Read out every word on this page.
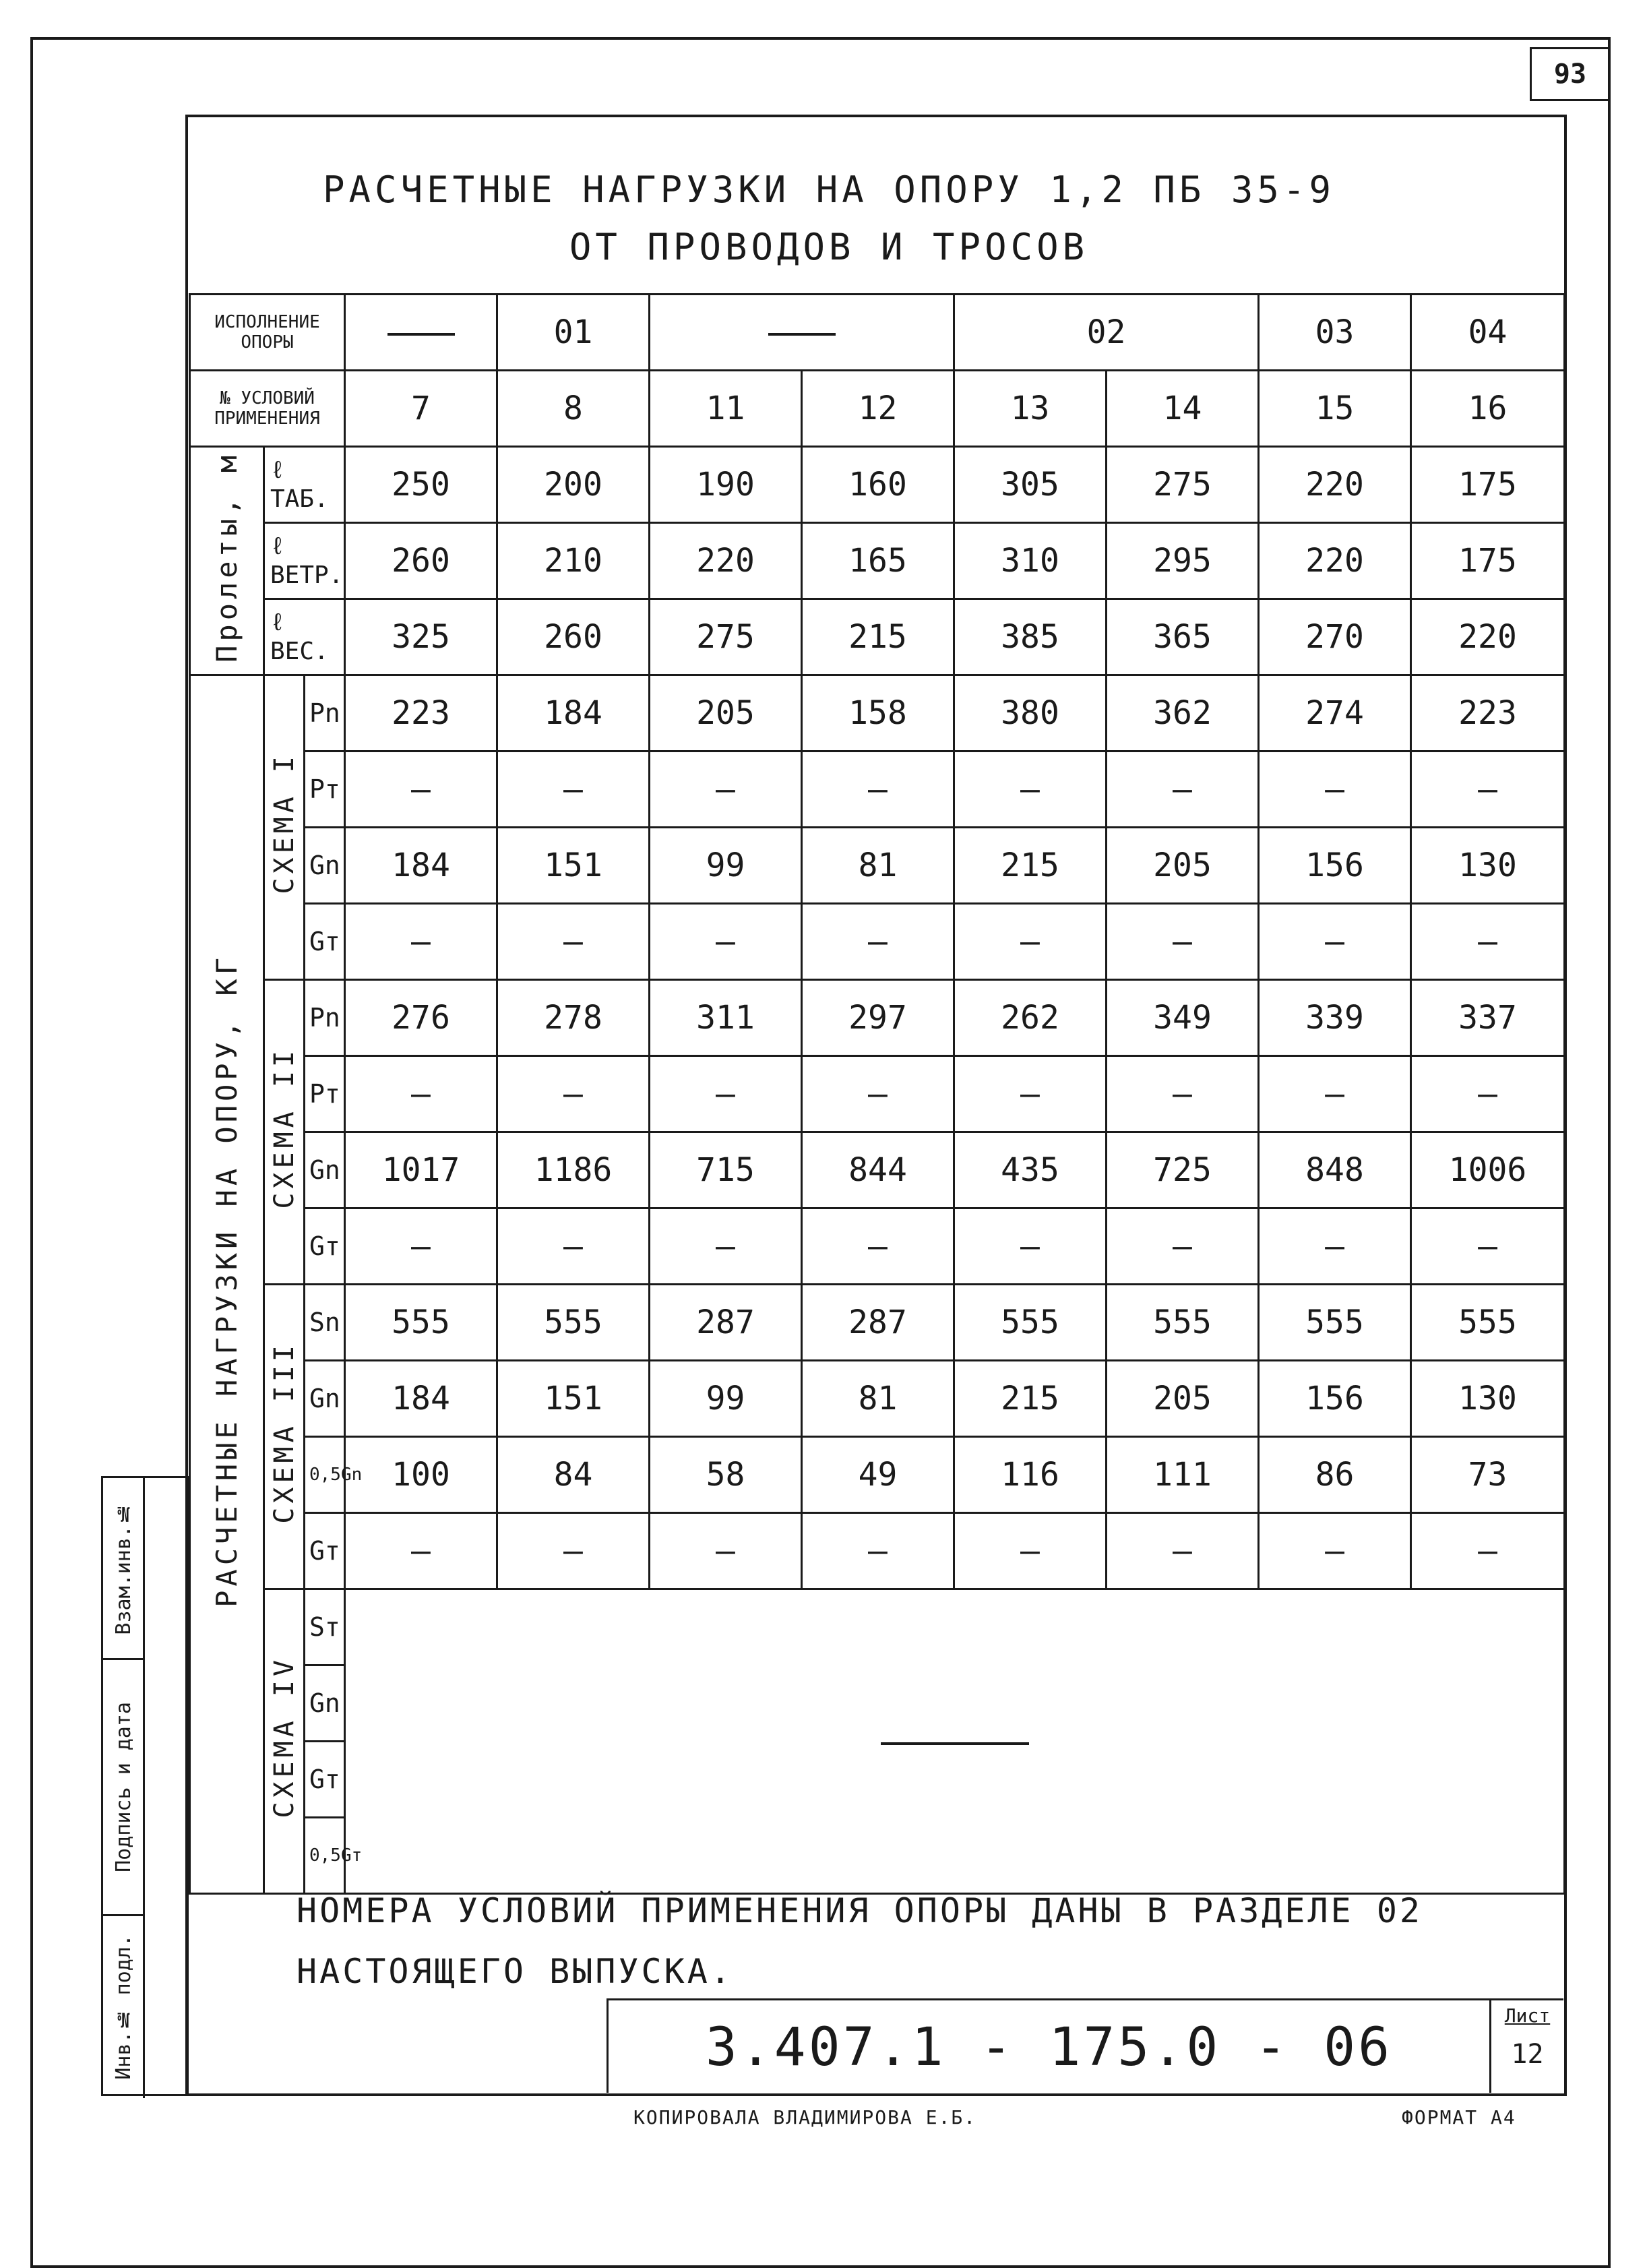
93
РАСЧЕТНЫЕ НАГРУЗКИ НА ОПОРУ 1,2 ПБ 35-9
ОТ ПРОВОДОВ И ТРОСОВ
ИСПОЛНЕНИЕ ОПОРЫ				01			02		03	04
№ УСЛОВИЙ ПРИМЕНЕНИЯ			7	8	11	12	13	14	15	16
Пролеты, м	ℓ ТАБ.		250	200	190	160	305	275	220	175
	ℓ ВЕТР.		260	210	220	165	310	295	220	175
	ℓ ВЕС.		325	260	275	215	385	365	270	220
РАСЧЕТНЫЕ НАГРУЗКИ НА ОПОРУ, КГ	СХЕМА I	Pn	223	184	205	158	380	362	274	223
		Pт	—	—	—	—	—	—	—	—
		Gn	184	151	99	81	215	205	156	130
		Gт	—	—	—	—	—	—	—	—
	СХЕМА II	Pn	276	278	311	297	262	349	339	337
		Pт	—	—	—	—	—	—	—	—
		Gn	1017	1186	715	844	435	725	848	1006
		Gт	—	—	—	—	—	—	—	—
	СХЕМА III	Sn	555	555	287	287	555	555	555	555
		Gn	184	151	99	81	215	205	156	130
		0,5Gn	100	84	58	49	116	111	86	73
		Gт	—	—	—	—	—	—	—	—
	СХЕМА IV	Sт								
		Gn								
		Gт								
		0,5Gт								
НОМЕРА УСЛОВИЙ ПРИМЕНЕНИЯ ОПОРЫ ДАНЫ В РАЗДЕЛЕ 02
НАСТОЯЩЕГО ВЫПУСКА.
3.407.1 - 175.0 - 06
Лист
12
КОПИРОВАЛА ВЛАДИМИРОВА Е.Б.	ФОРМАТ А4
Взам.инв.№
Подпись и дата
Инв.№ подл.
